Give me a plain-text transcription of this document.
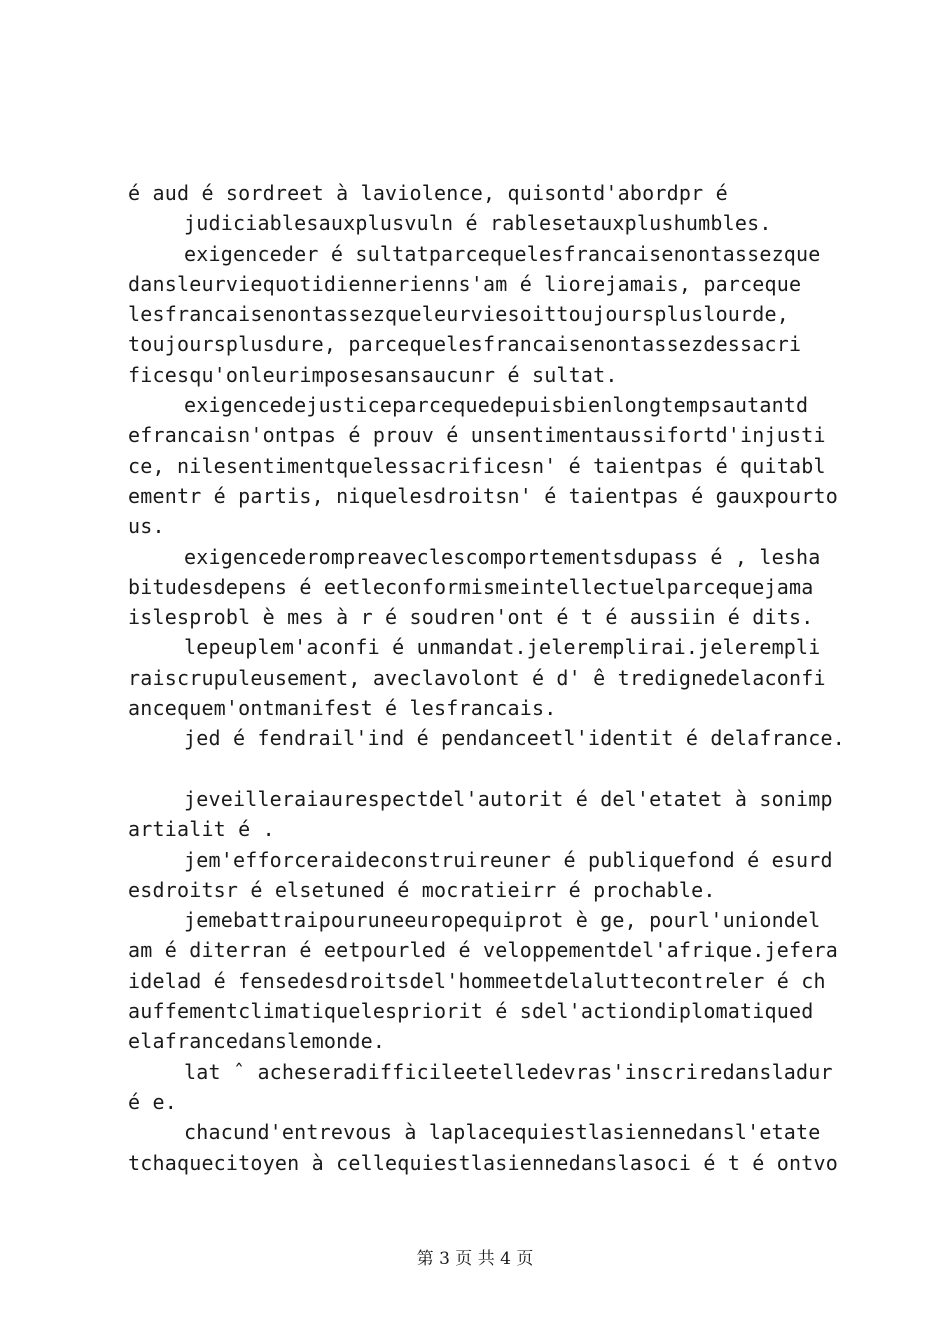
é aud é sordreet à laviolence, quisontd'abordpr é

judiciablesauxplusvuln é rablesetauxplushumbles.

exigenceder é sultatparcequelesfrancaisenontassezque

dansleurviequotidiennerienns'am é liorejamais, parceque

lesfrancaisenontassezqueleurviesoittoujourspluslourde,

toujoursplusdure, parcequelesfrancaisenontassezdessacri

ficesqu'onleurimposesansaucunr é sultat.

exigencedejusticeparcequedepuisbienlongtempsautantd

efrancaisn'ontpas é prouv é unsentimentaussifortd'injusti

ce, nilesentimentquelessacrificesn' é taientpas é quitabl

ementr é partis, niquelesdroitsn' é taientpas é gauxpourto

us.

exigencederompreaveclescomportementsdupass é , lesha

bitudesdepens é eetleconformismeintellectuelparcequejama

islesprobl è mes à r é soudren'ont é t é aussiin é dits.

lepeuplem'aconfi é unmandat.jeleremplirai.jelerempli

raiscrupuleusement, aveclavolont é d' ê tredignedelaconfi

ancequem'ontmanifest é lesfrancais.

jed é fendrail'ind é pendanceetl'identit é delafrance.

jeveilleraiaurespectdel'autorit é del'etatet à sonimp

artialit é .

jem'efforceraideconstruireuner é publiquefond é esurd

esdroitsr é elsetuned é mocratieirr é prochable.

jemebattraipouruneeuropequiprot è ge, pourl'uniondel

am é diterran é eetpourled é veloppementdel'afrique.jefera

idelad é fensedesdroitsdel'hommeetdelaluttecontreler é ch

auffementclimatiquelespriorit é sdel'actiondiplomatiqued

elafrancedanslemonde.

lat ˆ acheseradifficileetelledevras'inscriredansladur

é e.

chacund'entrevous à laplacequiestlasiennedansl'etate

tchaquecitoyen à cellequiestlasiennedanslasoci é t é ontvo

第 3 页 共 4 页
